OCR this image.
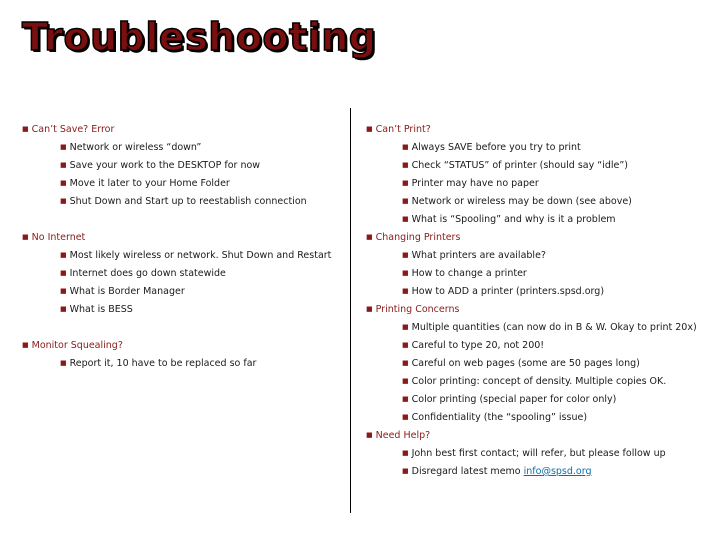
Troubleshooting
■ Can’t Save? Error
■ Network or wireless “down”
■ Save your work to the DESKTOP for now
■ Move it later to your Home Folder
■ Shut Down and Start up to reestablish connection
■ No Internet
■ Most likely wireless or network. Shut Down and Restart
■ Internet does go down statewide
■ What is Border Manager
■ What is BESS
■ Monitor Squealing?
■ Report it, 10 have to be replaced so far
■ Can’t Print?
■ Always SAVE before you try to print
■ Check “STATUS” of printer (should say “idle”)
■ Printer may have no paper
■ Network or wireless may be down (see above)
■ What is “Spooling” and why is it a problem
■ Changing Printers
■ What printers are available?
■ How to change a printer
■ How to ADD a printer (printers.spsd.org)
■ Printing Concerns
■ Multiple quantities (can now do in B & W. Okay to print 20x)
■ Careful to type 20, not 200!
■ Careful on web pages (some are 50 pages long)
■ Color printing: concept of density. Multiple copies OK.
■ Color printing (special paper for color only)
■ Confidentiality (the “spooling” issue)
■ Need Help?
■ John best first contact; will refer, but please follow up
■ Disregard latest memo info@spsd.org
